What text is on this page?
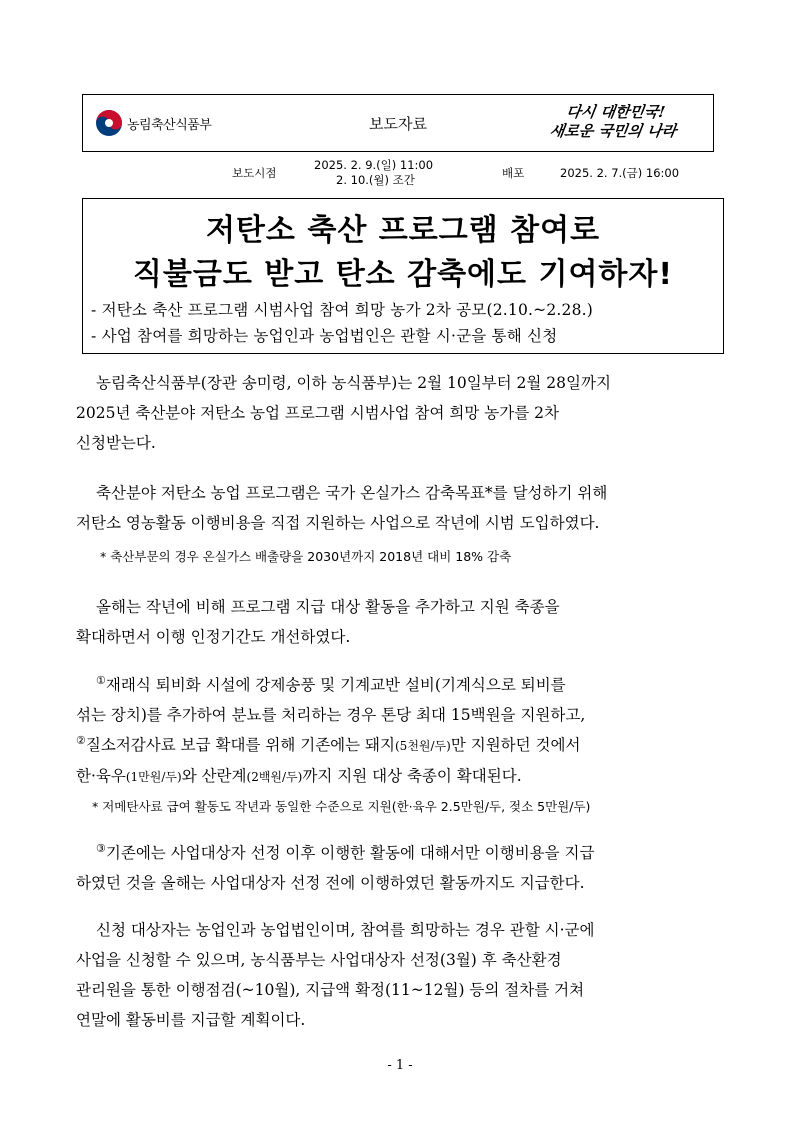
농림축산식품부	보도자료
다시 대한민국!
새로운 국민의 나라
보도시점
2025. 2. 9.(일) 11:00
2. 10.(월) 조간	배포	2025. 2. 7.(금) 16:00
저탄소 축산 프로그램 참여로
직불금도 받고 탄소 감축에도 기여하자!
- 저탄소 축산 프로그램 시범사업 참여 희망 농가 2차 공모(2.10.~2.28.)
- 사업 참여를 희망하는 농업인과 농업법인은 관할 시·군을 통해 신청
농림축산식품부(장관 송미령, 이하 농식품부)는 2월 10일부터 2월 28일까지
2025년 축산분야 저탄소 농업 프로그램 시범사업 참여 희망 농가를 2차
신청받는다.
축산분야 저탄소 농업 프로그램은 국가 온실가스 감축목표*를 달성하기 위해
저탄소 영농활동 이행비용을 직접 지원하는 사업으로 작년에 시범 도입하였다.
* 축산부문의 경우 온실가스 배출량을 2030년까지 2018년 대비 18% 감축
올해는 작년에 비해 프로그램 지급 대상 활동을 추가하고 지원 축종을
확대하면서 이행 인정기간도 개선하였다.
①재래식 퇴비화 시설에 강제송풍 및 기계교반 설비(기계식으로 퇴비를
섞는 장치)를 추가하여 분뇨를 처리하는 경우 톤당 최대 15백원을 지원하고,
②질소저감사료 보급 확대를 위해 기존에는 돼지(5천원/두)만 지원하던 것에서
한·육우(1만원/두)와 산란계(2백원/두)까지 지원 대상 축종이 확대된다.
* 저메탄사료 급여 활동도 작년과 동일한 수준으로 지원(한·육우 2.5만원/두, 젖소 5만원/두)
③기존에는 사업대상자 선정 이후 이행한 활동에 대해서만 이행비용을 지급
하였던 것을 올해는 사업대상자 선정 전에 이행하였던 활동까지도 지급한다.
신청 대상자는 농업인과 농업법인이며, 참여를 희망하는 경우 관할 시·군에
사업을 신청할 수 있으며, 농식품부는 사업대상자 선정(3월) 후 축산환경
관리원을 통한 이행점검(~10월), 지급액 확정(11~12월) 등의 절차를 거쳐
연말에 활동비를 지급할 계획이다.
- 1 -
